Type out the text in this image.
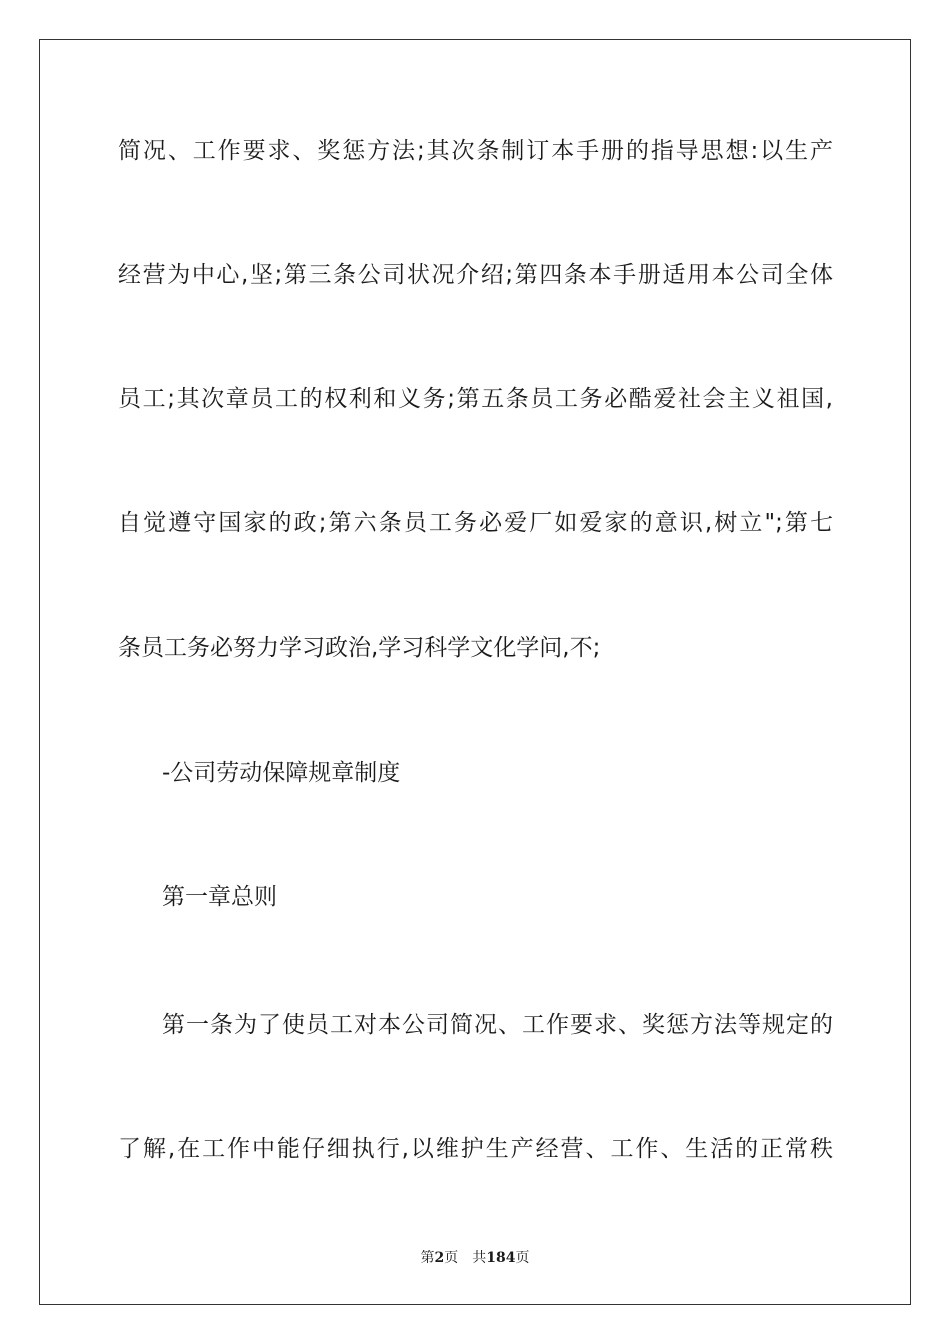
简况、工作要求、奖惩方法;其次条制订本手册的指导思想:以生产
经营为中心,坚;第三条公司状况介绍;第四条本手册适用本公司全体
员工;其次章员工的权利和义务;第五条员工务必酷爱社会主义祖国,
自觉遵守国家的政;第六条员工务必爱厂如爱家的意识,树立";第七
条员工务必努力学习政治,学习科学文化学问,不;
-公司劳动保障规章制度
第一章总则
第一条为了使员工对本公司简况、工作要求、奖惩方法等规定的
了解,在工作中能仔细执行,以维护生产经营、工作、生活的正常秩
第2页 共184页
